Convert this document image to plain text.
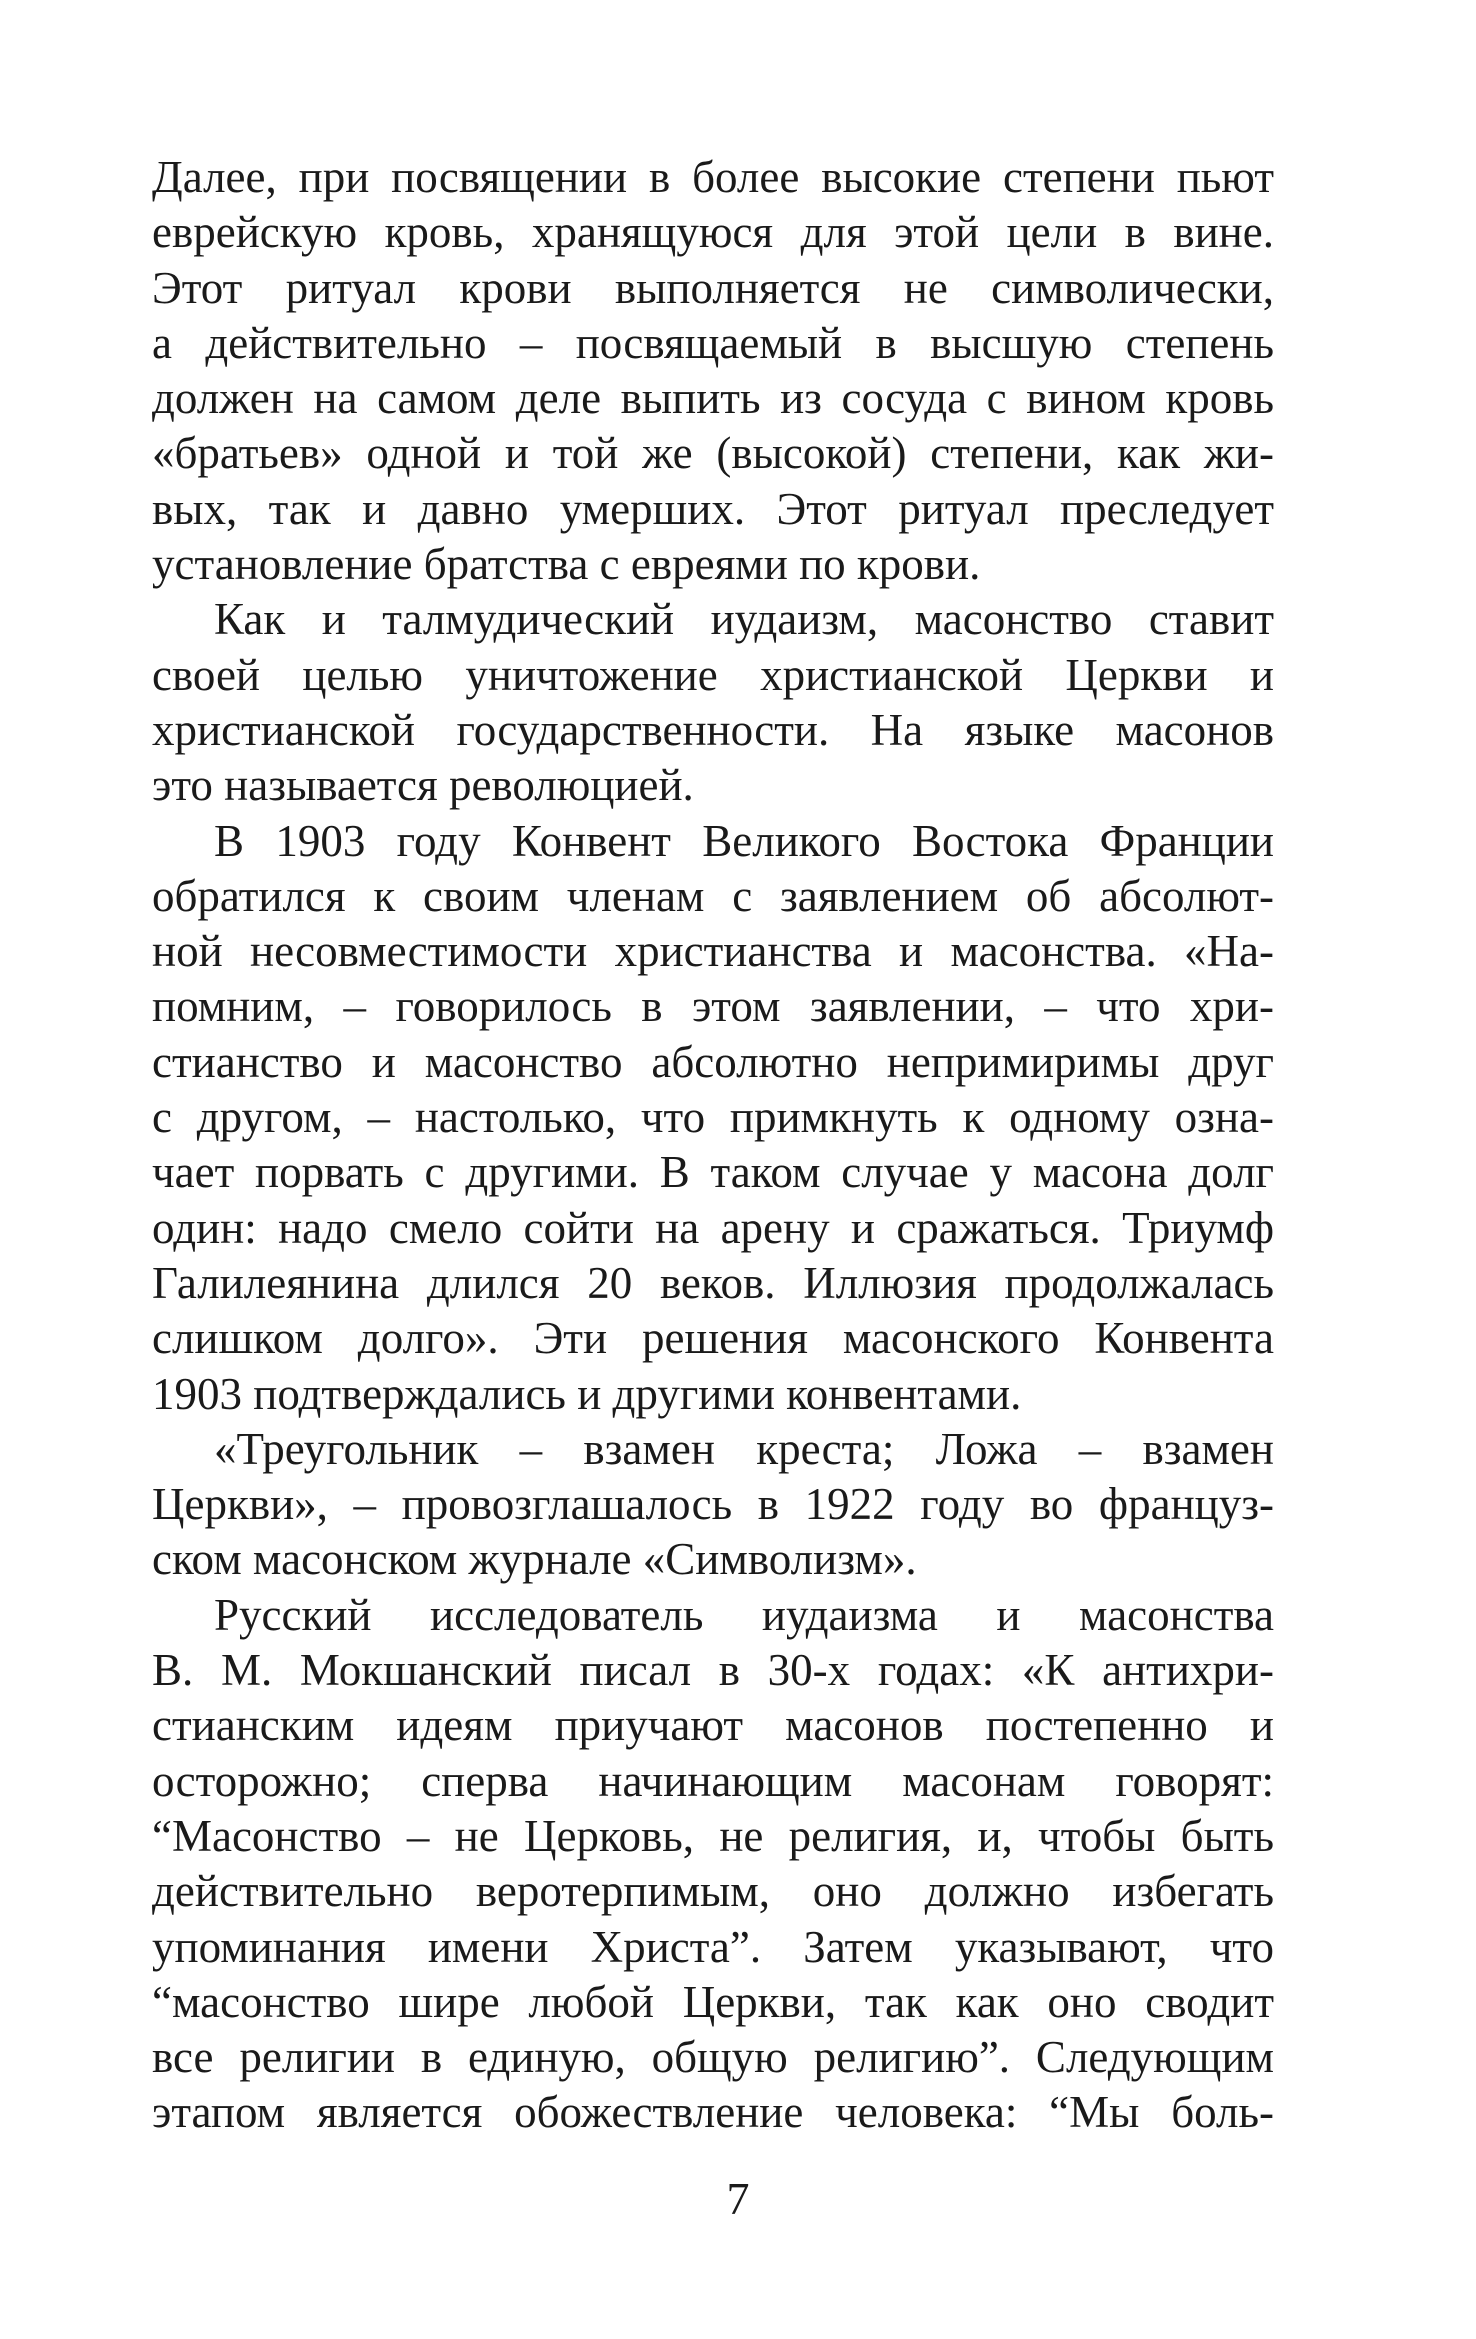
Далее, при посвящении в более высокие степени пьют
еврейскую кровь, хранящуюся для этой цели в вине.
Этот ритуал крови выполняется не символически,
а действительно – посвящаемый в высшую степень
должен на самом деле выпить из сосуда с вином кровь
«братьев» одной и той же (высокой) степени, как жи-
вых, так и давно умерших. Этот ритуал преследует
установление братства с евреями по крови.
Как и талмудический иудаизм, масонство ставит
своей целью уничтожение христианской Церкви и
христианской государственности. На языке масонов
это называется революцией.
В 1903 году Конвент Великого Востока Франции
обратился к своим членам с заявлением об абсолют-
ной несовместимости христианства и масонства. «На-
помним, – говорилось в этом заявлении, – что хри-
стианство и масонство абсолютно непримиримы друг
с другом, – настолько, что примкнуть к одному озна-
чает порвать с другими. В таком случае у масона долг
один: надо смело сойти на арену и сражаться. Триумф
Галилеянина длился 20 веков. Иллюзия продолжалась
слишком долго». Эти решения масонского Конвента
1903 подтверждались и другими конвентами.
«Треугольник – взамен креста; Ложа – взамен
Церкви», – провозглашалось в 1922 году во француз-
ском масонском журнале «Символизм».
Русский исследователь иудаизма и масонства
В. М. Мокшанский писал в 30-х годах: «К антихри-
стианским идеям приучают масонов постепенно и
осторожно; сперва начинающим масонам говорят:
“Масонство – не Церковь, не религия, и, чтобы быть
действительно веротерпимым, оно должно избегать
упоминания имени Христа”. Затем указывают, что
“масонство шире любой Церкви, так как оно сводит
все религии в единую, общую религию”. Следующим
этапом является обожествление человека: “Мы боль-
7
